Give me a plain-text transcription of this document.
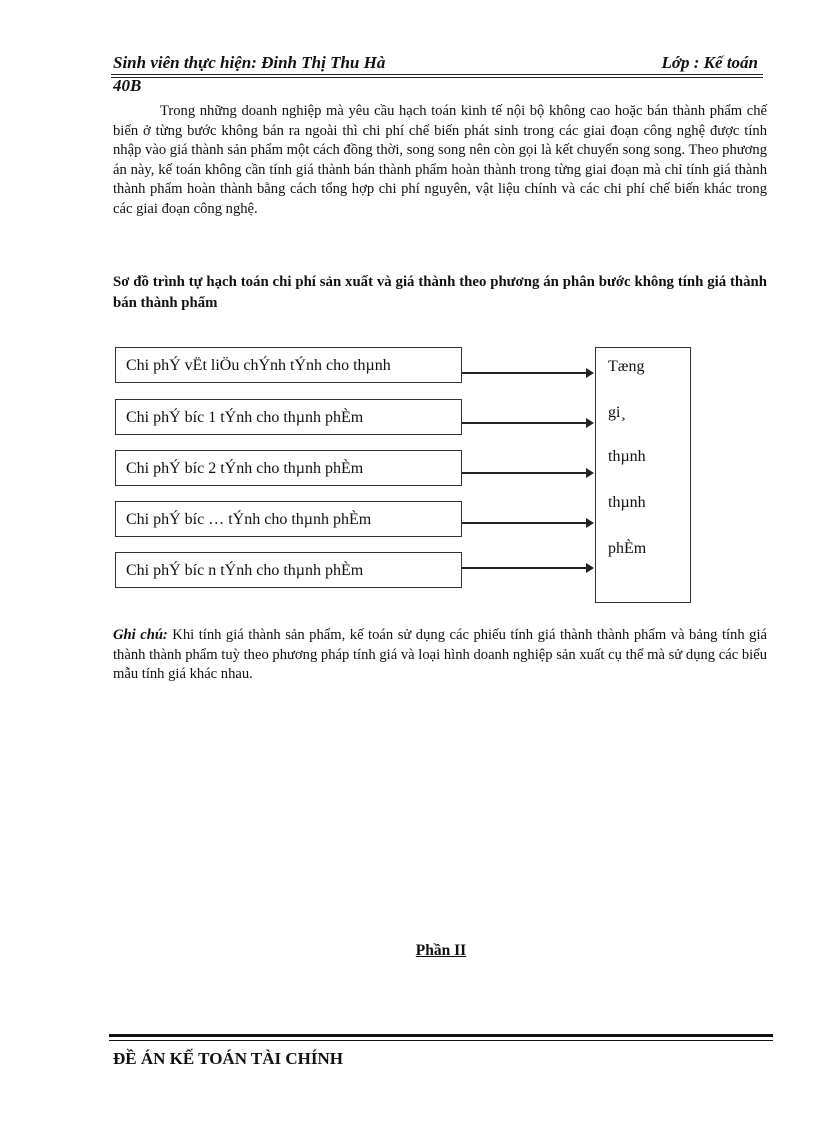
Sinh viên thực hiện: Đinh Thị Thu Hà	Lớp : Kế toán
40B

Trong những doanh nghiệp mà yêu cầu hạch toán kinh tế nội bộ không cao hoặc bán thành phẩm chế biến ở từng bước không bán ra ngoài thì chi phí chế biến phát sinh trong các giai đoạn công nghệ được tính nhập vào giá thành sản phẩm một cách đồng thời, song song nên còn gọi là kết chuyển song song. Theo phương án này, kế toán không cần tính giá thành bán thành phẩm hoàn thành trong từng giai đoạn mà chỉ tính giá thành thành phẩm hoàn thành bằng cách tổng hợp chi phí nguyên, vật liệu chính và các chi phí chế biến khác trong các giai đoạn công nghệ.

Sơ đồ trình tự hạch toán chi phí sản xuất và giá thành theo phương án phân bước không tính giá thành bán thành phẩm
Chi phÝ vËt liÖu chÝnh tÝnh cho thµnh
Chi phÝ bíc 1 tÝnh cho thµnh phÈm
Chi phÝ bíc 2 tÝnh cho thµnh phÈm
Chi phÝ bíc … tÝnh cho thµnh phÈm
Chi phÝ bíc n tÝnh cho thµnh phÈm
Tæng
gi¸
thµnh
thµnh
phÈm

Ghi chú: Khi tính giá thành sản phẩm, kế toán sử dụng các phiếu tính giá thành thành phẩm và bảng tính giá thành thành phẩm tuỳ theo phương pháp tính giá và loại hình doanh nghiệp sản xuất cụ thể mà sử dụng các biểu mẫu tính giá khác nhau.

Phần II
ĐỀ ÁN KẾ TOÁN TÀI CHÍNH
